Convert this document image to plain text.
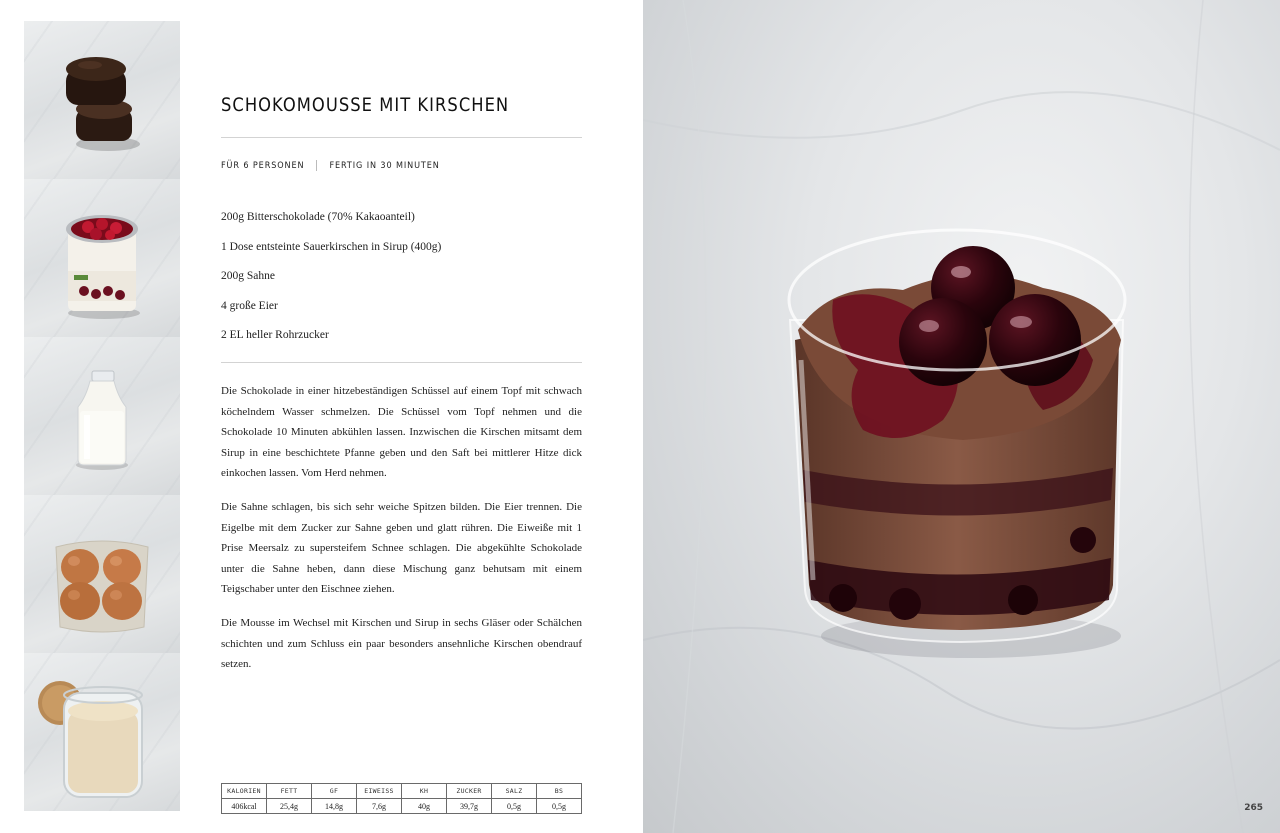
SCHOKOMOUSSE MIT KIRSCHEN
FÜR 6 PERSONEN	FERTIG IN 30 MINUTEN
200g Bitterschokolade (70% Kakaoanteil)
1 Dose entsteinte Sauerkirschen in Sirup (400g)
200g Sahne
4 große Eier
2 EL heller Rohrzucker

Die Schokolade in einer hitzebeständigen Schüssel auf einem Topf mit schwach köchelndem Wasser schmelzen. Die Schüssel vom Topf nehmen und die Schokolade 10 Minuten abkühlen lassen. Inzwischen die Kirschen mitsamt dem Sirup in eine beschichtete Pfanne geben und den Saft bei mittlerer Hitze dick einkochen lassen. Vom Herd nehmen.

Die Sahne schlagen, bis sich sehr weiche Spitzen bilden. Die Eier trennen. Die Eigelbe mit dem Zucker zur Sahne geben und glatt rühren. Die Eiweiße mit 1 Prise Meersalz zu supersteifem Schnee schlagen. Die abgekühlte Schokolade unter die Sahne heben, dann diese Mischung ganz behutsam mit einem Teigschaber unter den Eischnee ziehen.

Die Mousse im Wechsel mit Kirschen und Sirup in sechs Gläser oder Schälchen schichten und zum Schluss ein paar besonders ansehnliche Kirschen obendrauf setzen.

KALORIEN	FETT	GF	EIWEISS	KH	ZUCKER	SALZ	BS
406kcal	25,4g	14,8g	7,6g	40g	39,7g	0,5g	0,5g	265
